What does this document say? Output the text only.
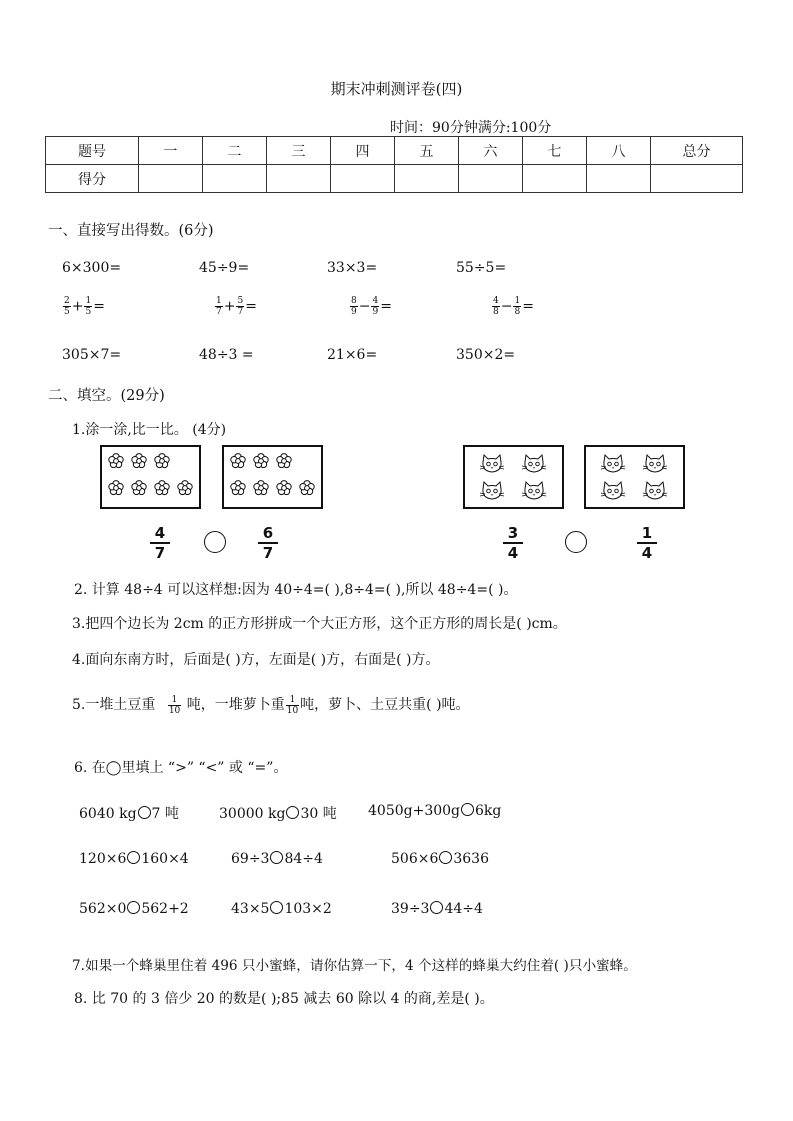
期末冲刺测评卷(四)
时间：90分钟满分:100分
题号	一	二	三	四	五	六	七	八	总分
得分									
一、直接写出得数。(6分)
6×300=	45÷9=	33×3=	55÷5=
$\frac{2}{5} + \frac{1}{5}$ =	$\frac{1}{7} + \frac{5}{7}$ =	$\frac{8}{9} - \frac{4}{9}$ =	$\frac{4}{8} - \frac{1}{8}$ =
305×7=	48÷3 =	21×6=	350×2=
二、填空。(29分)
1.涂一涂,比一比。 (4分)
4
7
6
7
3
4
1
4
2. 计算 48÷4 可以这样想:因为 40÷4=( ),8÷4=( ),所以 48÷4=( )。
3.把四个边长为 2cm 的正方形拼成一个大正方形，这个正方形的周长是( )cm。
4.面向东南方时，后面是( )方，左面是( )方，右面是( )方。
5.一堆土豆重 $\frac{1}{10}$ 吨，一堆萝卜重 $\frac{1}{10}$ 吨，萝卜、土豆共重( )吨。
6. 在◯里填上 “>” “<” 或 “=”。
6040 kg 7 吨	30000 kg 30 吨 4050g+300g 6kg
120×6 160×4	69÷3 84÷4	506×6 3636
562×0 562+2	43×5 103×2	39÷3 44÷4
7.如果一个蜂巢里住着 496 只小蜜蜂，请你估算一下，4 个这样的蜂巢大约住着( )只小蜜蜂。
8. 比 70 的 3 倍少 20 的数是( );85 减去 60 除以 4 的商,差是( )。
